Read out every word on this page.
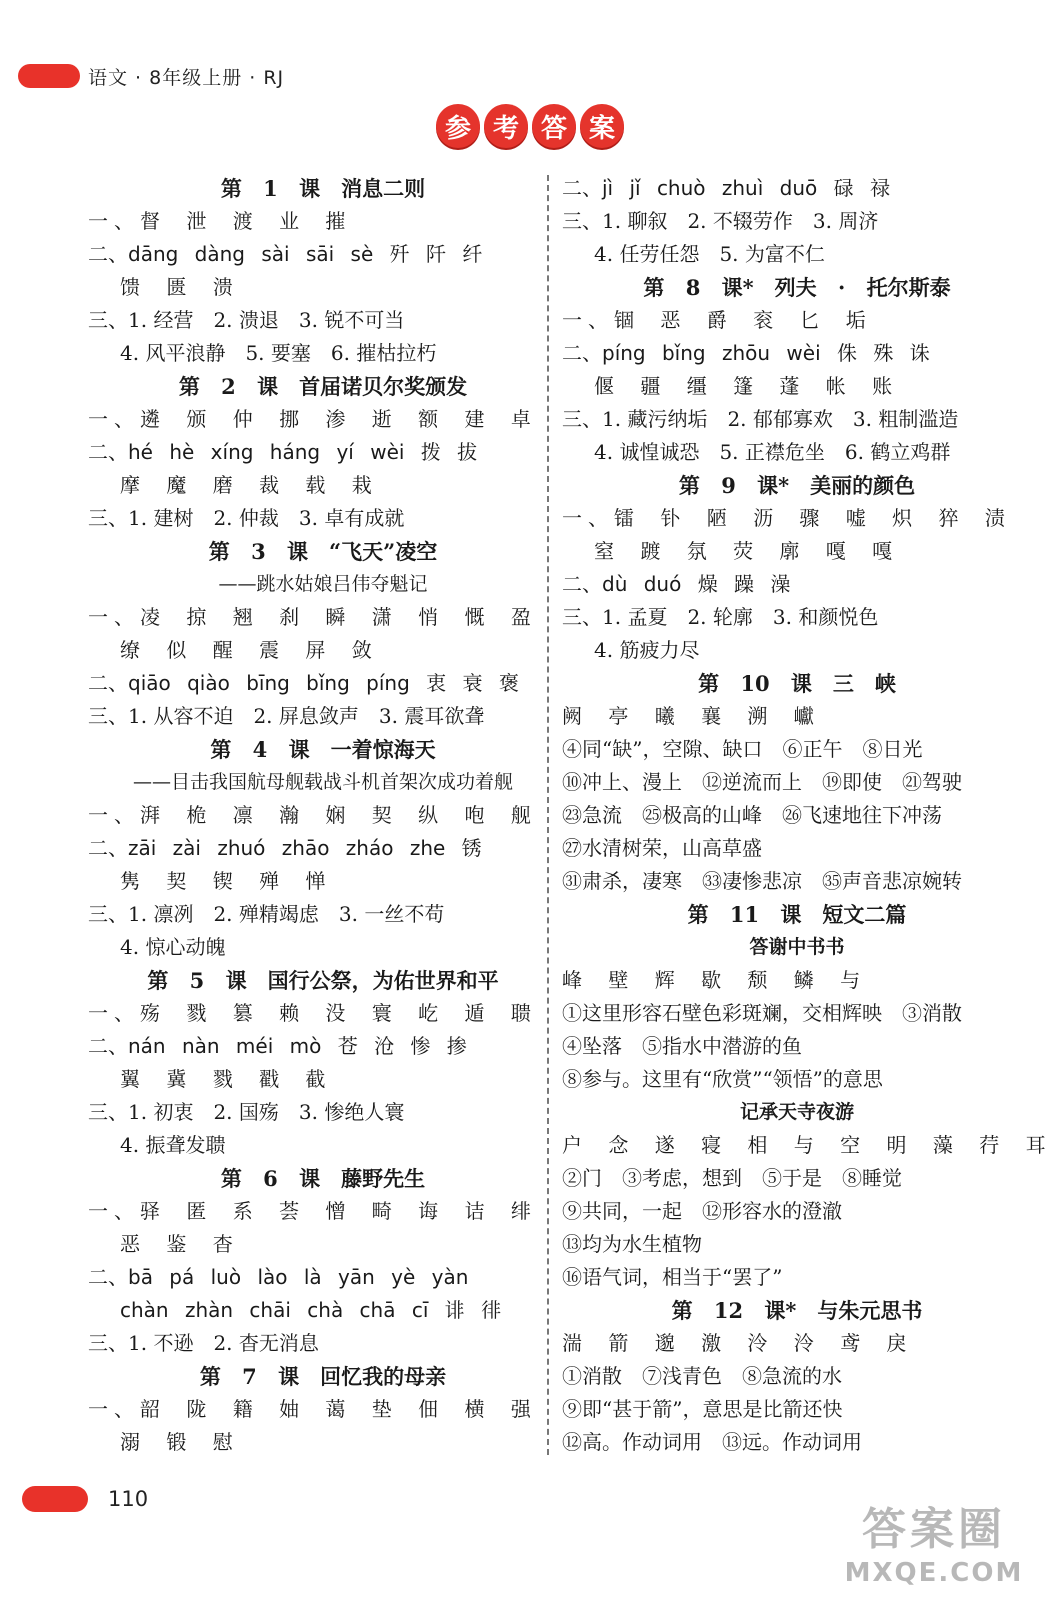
语文 · 8年级上册 · RJ
参 考 答 案
第 1 课　消息二则
一、督 泄 渡 业 摧
二、dāng dàng sài sāi sè 歼 阡 纤
馈 匮 溃
三、1. 经营　2. 溃退　3. 锐不可当
4. 风平浪静　5. 要塞　6. 摧枯拉朽
第 2 课　首届诺贝尔奖颁发
一、遴 颁 仲 挪 渗 逝 额 建 卓
二、hé hè xíng háng yí wèi 拨 拔
摩 魔 磨 裁 载 栽
三、1. 建树　2. 仲裁　3. 卓有成就
第 3 课　“飞天”凌空
——跳水姑娘吕伟夺魁记
一、凌 掠 翘 刹 瞬 潇 悄 慨 盈
缭 似 醒 震 屏 敛
二、qiāo qiào bīng bǐng píng 衷 衰 褒
三、1. 从容不迫　2. 屏息敛声　3. 震耳欲聋
第 4 课　一着惊海天
——目击我国航母舰载战斗机首架次成功着舰
一、湃 桅 凛 瀚 娴 契 纵 咆 舰
二、zāi zài zhuó zhāo zháo zhe 锈
隽 契 锲 殚 惮
三、1. 凛冽　2. 殚精竭虑　3. 一丝不苟
4. 惊心动魄
第 5 课　国行公祭，为佑世界和平
一、殇 戮 篡 赖 没 寰 屹 遁 聩
二、nán nàn méi mò 苍 沧 惨 掺
翼 冀 戮 戳 截
三、1. 初衷　2. 国殇　3. 惨绝人寰
4. 振聋发聩
第 6 课　藤野先生
一、驿 匿 系 荟 憎 畸 诲 诘 绯
恶 鉴 杳
二、bā pá luò lào là yān yè yàn
chàn zhàn chāi chà chā cī 诽 徘
三、1. 不逊　2. 杳无消息
第 7 课　回忆我的母亲
一、韶 陇 籍 妯 蔼 垫 佃 横 强
溺 锻 慰
二、jì jǐ chuò zhuì duō 碌 禄
三、1. 聊叙　2. 不辍劳作　3. 周济
4. 任劳任怨　5. 为富不仁
第 8 课*　列夫 · 托尔斯泰
一、锢 恶 爵 衮 匕 垢
二、píng bǐng zhōu wèi 侏 殊 诛
偃 疆 缰 篷 蓬 帐 账
三、1. 藏污纳垢　2. 郁郁寡欢　3. 粗制滥造
4. 诚惶诚恐　5. 正襟危坐　6. 鹤立鸡群
第 9 课*　美丽的颜色
一、镭 钋 陋 沥 骤 嘘 炽 猝 渍
窒 踱 氛 荧 廓 嘎 嘎
二、dù duó 燥 躁 澡
三、1. 孟夏　2. 轮廓　3. 和颜悦色
4. 筋疲力尽
第 10 课　三　峡
阙 亭 曦 襄 溯 巘
④同“缺”，空隙、缺口　⑥正午　⑧日光
⑩冲上、漫上　⑫逆流而上　⑲即使　㉑驾驶
㉓急流　㉕极高的山峰　㉖飞速地往下冲荡
㉗水清树荣，山高草盛
㉛肃杀，凄寒　㉝凄惨悲凉　㉟声音悲凉婉转
第 11 课　短文二篇
答谢中书书
峰 壁 辉 歇 颓 鳞 与
①这里形容石壁色彩斑斓，交相辉映　③消散
④坠落　⑤指水中潜游的鱼
⑧参与。这里有“欣赏”“领悟”的意思
记承天寺夜游
户 念 遂 寝 相 与 空 明 藻 荇 耳
②门　③考虑，想到　⑤于是　⑧睡觉
⑨共同，一起　⑫形容水的澄澈
⑬均为水生植物
⑯语气词，相当于“罢了”
第 12 课*　与朱元思书
湍 箭 邈 激 泠 泠 鸢 戾
①消散　⑦浅青色　⑧急流的水
⑨即“甚于箭”，意思是比箭还快
⑫高。作动词用　⑬远。作动词用
110
答案圈
MXQE.COM
